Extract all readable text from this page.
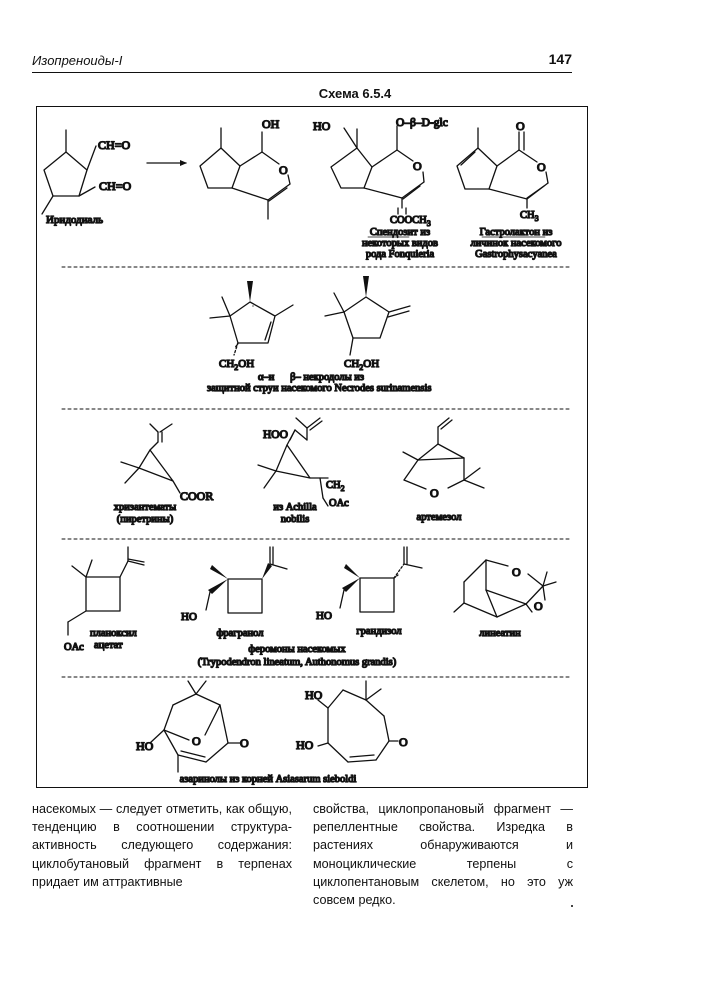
Изопреноиды-I	147
Схема 6.5.4
CH=O
CH=O
Иридодиаль
OH
O
HO	O–β–D-glc
O
$COOCH_3$
Спендозит из
некоторых видов
рода Fonquieria
O
O
$CH_3$
Гастролактон из
личинок насекомого
Gastrophysacyanea
$CH_2OH$	$CH_2OH$
α–и      β– некродолы из
защитной струи насекомого Necrodes surinamensis
COOR
хризантематы
(пиретрины)
HOO
$CH_2$
OAc
из Achilla
nobilis
O
артемезол
OAc
планоксил
ацетат
HO
фрагранол
HO
грандизол
O
O
линеатин
феромоны насекомых
(Trypodendron lineatum, Authonomus grandis)
HO	O	O
HO
HO	O
азаринолы из корней Asiasarum sieboldi

насекомых — следует отметить, как общую, тенденцию в соотношении структура-активность следующего содержания: циклобутановый фрагмент в терпенах придает им аттрактивные

свойства, циклопропановый фрагмент — репеллентные свойства. Изредка в растениях обнаруживаются и моноциклические терпены с циклопентановым скелетом, но это уж совсем редко.
